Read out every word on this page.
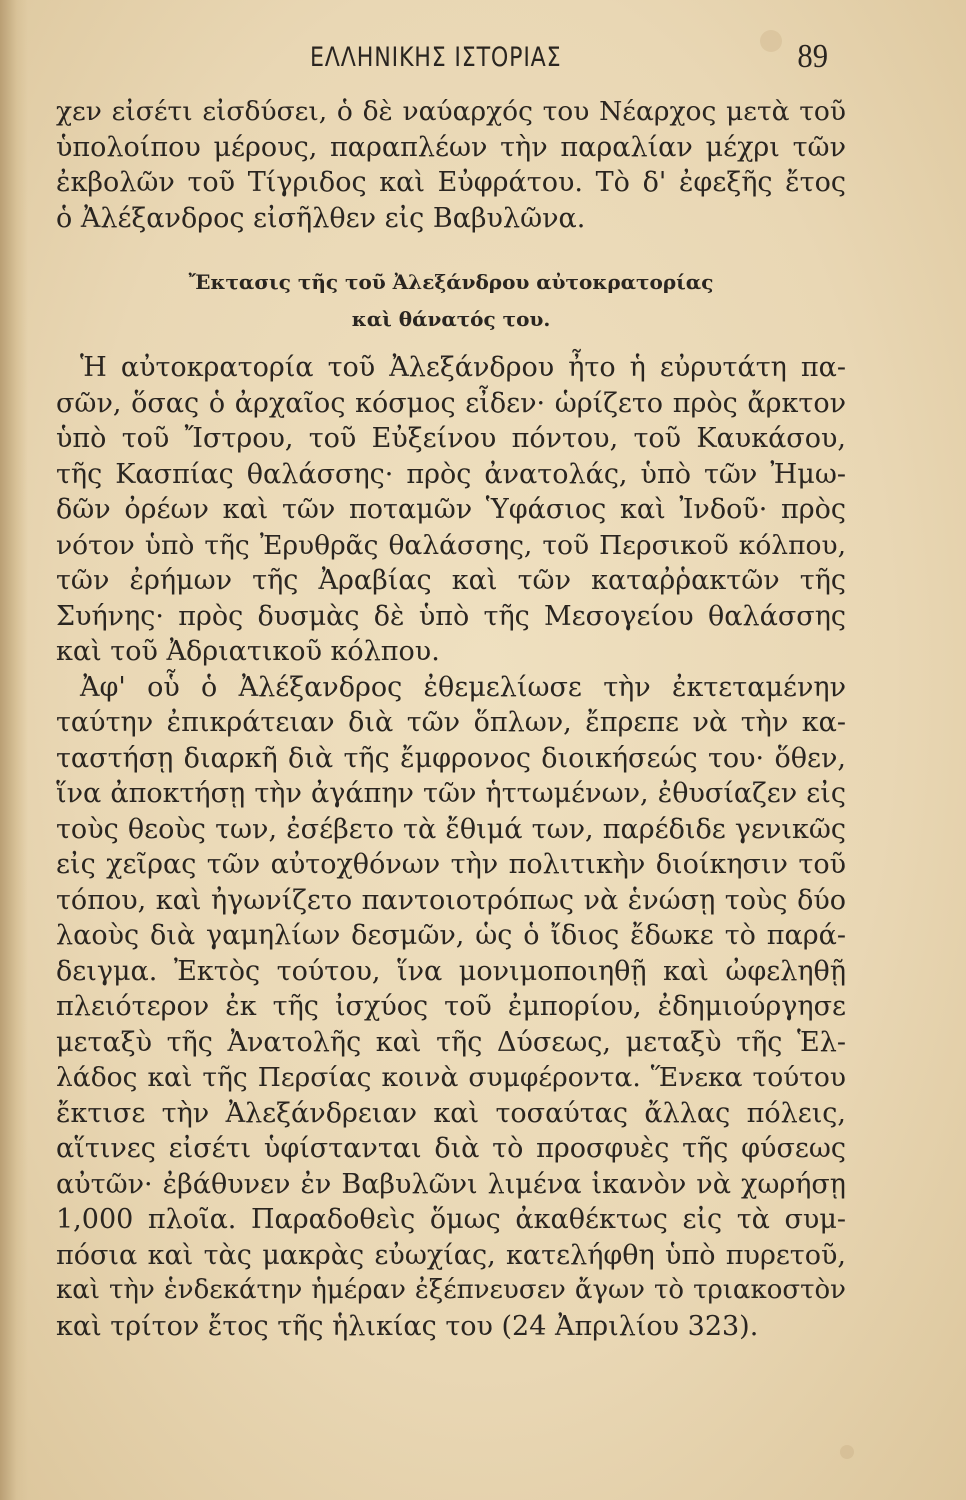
ΕΛΛΗΝΙΚΗΣ ΙΣΤΟΡΙΑΣ	89
χεν εἰσέτι εἰσδύσει, ὁ δὲ ναύαρχός του Νέαρχος μετὰ τοῦ
ὑπολοίπου μέρους, παραπλέων τὴν παραλίαν μέχρι τῶν
ἐκβολῶν τοῦ Τίγριδος καὶ Εὐφράτου. Τὸ δ' ἐφεξῆς ἔτος
ὁ Ἀλέξανδρος εἰσῆλθεν εἰς Βαβυλῶνα.
Ἔκτασις τῆς τοῦ Ἀλεξάνδρου αὐτοκρατορίας
καὶ θάνατός του.
Ἡ αὐτοκρατορία τοῦ Ἀλεξάνδρου ἦτο ἡ εὐρυτάτη πα-
σῶν, ὅσας ὁ ἀρχαῖος κόσμος εἶδεν· ὡρίζετο πρὸς ἄρκτον
ὑπὸ τοῦ Ἴστρου, τοῦ Εὐξείνου πόντου, τοῦ Καυκάσου,
τῆς Κασπίας θαλάσσης· πρὸς ἀνατολάς, ὑπὸ τῶν Ἠμω-
δῶν ὀρέων καὶ τῶν ποταμῶν Ὑφάσιος καὶ Ἰνδοῦ· πρὸς
νότον ὑπὸ τῆς Ἐρυθρᾶς θαλάσσης, τοῦ Περσικοῦ κόλπου,
τῶν ἐρήμων τῆς Ἀραβίας καὶ τῶν καταῤῥακτῶν τῆς
Συήνης· πρὸς δυσμὰς δὲ ὑπὸ τῆς Μεσογείου θαλάσσης
καὶ τοῦ Ἀδριατικοῦ κόλπου.
Ἀφ' οὗ ὁ Ἀλέξανδρος ἐθεμελίωσε τὴν ἐκτεταμένην
ταύτην ἐπικράτειαν διὰ τῶν ὅπλων, ἔπρεπε νὰ τὴν κα-
ταστήσῃ διαρκῆ διὰ τῆς ἔμφρονος διοικήσεώς του· ὅθεν,
ἵνα ἀποκτήσῃ τὴν ἀγάπην τῶν ἡττωμένων, ἐθυσίαζεν εἰς
τοὺς θεοὺς των, ἐσέβετο τὰ ἔθιμά των, παρέδιδε γενικῶς
εἰς χεῖρας τῶν αὐτοχθόνων τὴν πολιτικὴν διοίκησιν τοῦ
τόπου, καὶ ἠγωνίζετο παντοιοτρόπως νὰ ἑνώσῃ τοὺς δύο
λαοὺς διὰ γαμηλίων δεσμῶν, ὡς ὁ ἴδιος ἔδωκε τὸ παρά-
δειγμα. Ἐκτὸς τούτου, ἵνα μονιμοποιηθῇ καὶ ὠφεληθῇ
πλειότερον ἐκ τῆς ἰσχύος τοῦ ἐμπορίου, ἐδημιούργησε
μεταξὺ τῆς Ἀνατολῆς καὶ τῆς Δύσεως, μεταξὺ τῆς Ἑλ-
λάδος καὶ τῆς Περσίας κοινὰ συμφέροντα. Ἕνεκα τούτου
ἔκτισε τὴν Ἀλεξάνδρειαν καὶ τοσαύτας ἄλλας πόλεις,
αἵτινες εἰσέτι ὑφίστανται διὰ τὸ προσφυὲς τῆς φύσεως
αὐτῶν· ἐβάθυνεν ἐν Βαβυλῶνι λιμένα ἱκανὸν νὰ χωρήσῃ
1,000 πλοῖα. Παραδοθεὶς ὅμως ἀκαθέκτως εἰς τὰ συμ-
πόσια καὶ τὰς μακρὰς εὐωχίας, κατελήφθη ὑπὸ πυρετοῦ,
καὶ τὴν ἑνδεκάτην ἡμέραν ἐξέπνευσεν ἄγων τὸ τριακοστὸν
καὶ τρίτον ἔτος τῆς ἡλικίας του (24 Ἀπριλίου 323).
